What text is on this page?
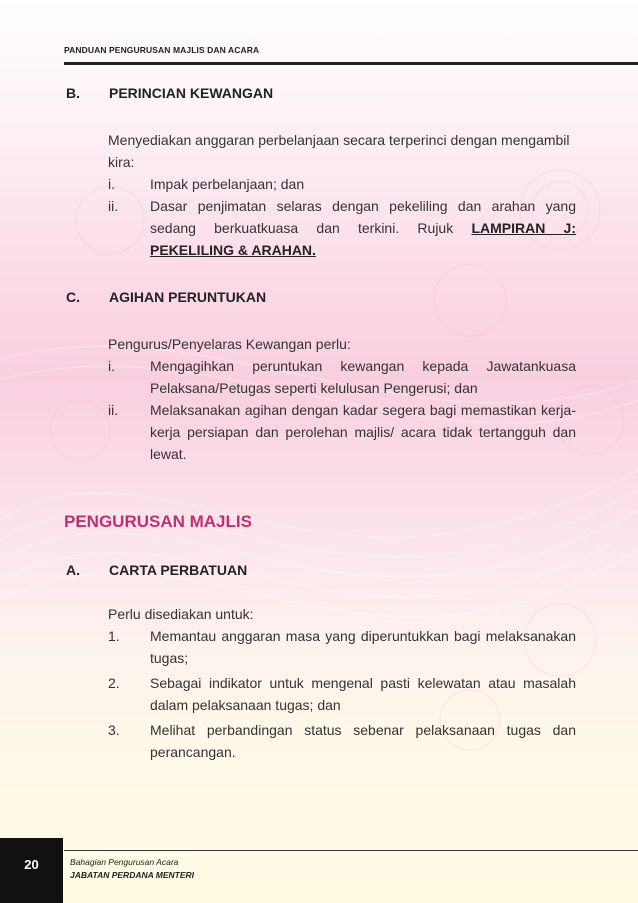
PANDUAN PENGURUSAN MAJLIS DAN ACARA
B. PERINCIAN KEWANGAN
Menyediakan anggaran perbelanjaan secara terperinci dengan mengambil kira:
i.	Impak perbelanjaan; dan
ii.	Dasar penjimatan selaras dengan pekeliling dan arahan yang sedang berkuatkuasa dan terkini. Rujuk LAMPIRAN J: PEKELILING & ARAHAN.
C. AGIHAN PERUNTUKAN
Pengurus/Penyelaras Kewangan perlu:
i.	Mengagihkan peruntukan kewangan kepada Jawatankuasa Pelaksana/Petugas seperti kelulusan Pengerusi; dan
ii.	Melaksanakan agihan dengan kadar segera bagi memastikan kerja-kerja persiapan dan perolehan majlis/ acara tidak tertangguh dan lewat.
PENGURUSAN MAJLIS
A. CARTA PERBATUAN
Perlu disediakan untuk:
1.	Memantau anggaran masa yang diperuntukkan bagi melaksanakan tugas;
2.	Sebagai indikator untuk mengenal pasti kelewatan atau masalah dalam pelaksanaan tugas; dan
3.	Melihat perbandingan status sebenar pelaksanaan tugas dan perancangan.
20	Bahagian Pengurusan Acara
JABATAN PERDANA MENTERI
